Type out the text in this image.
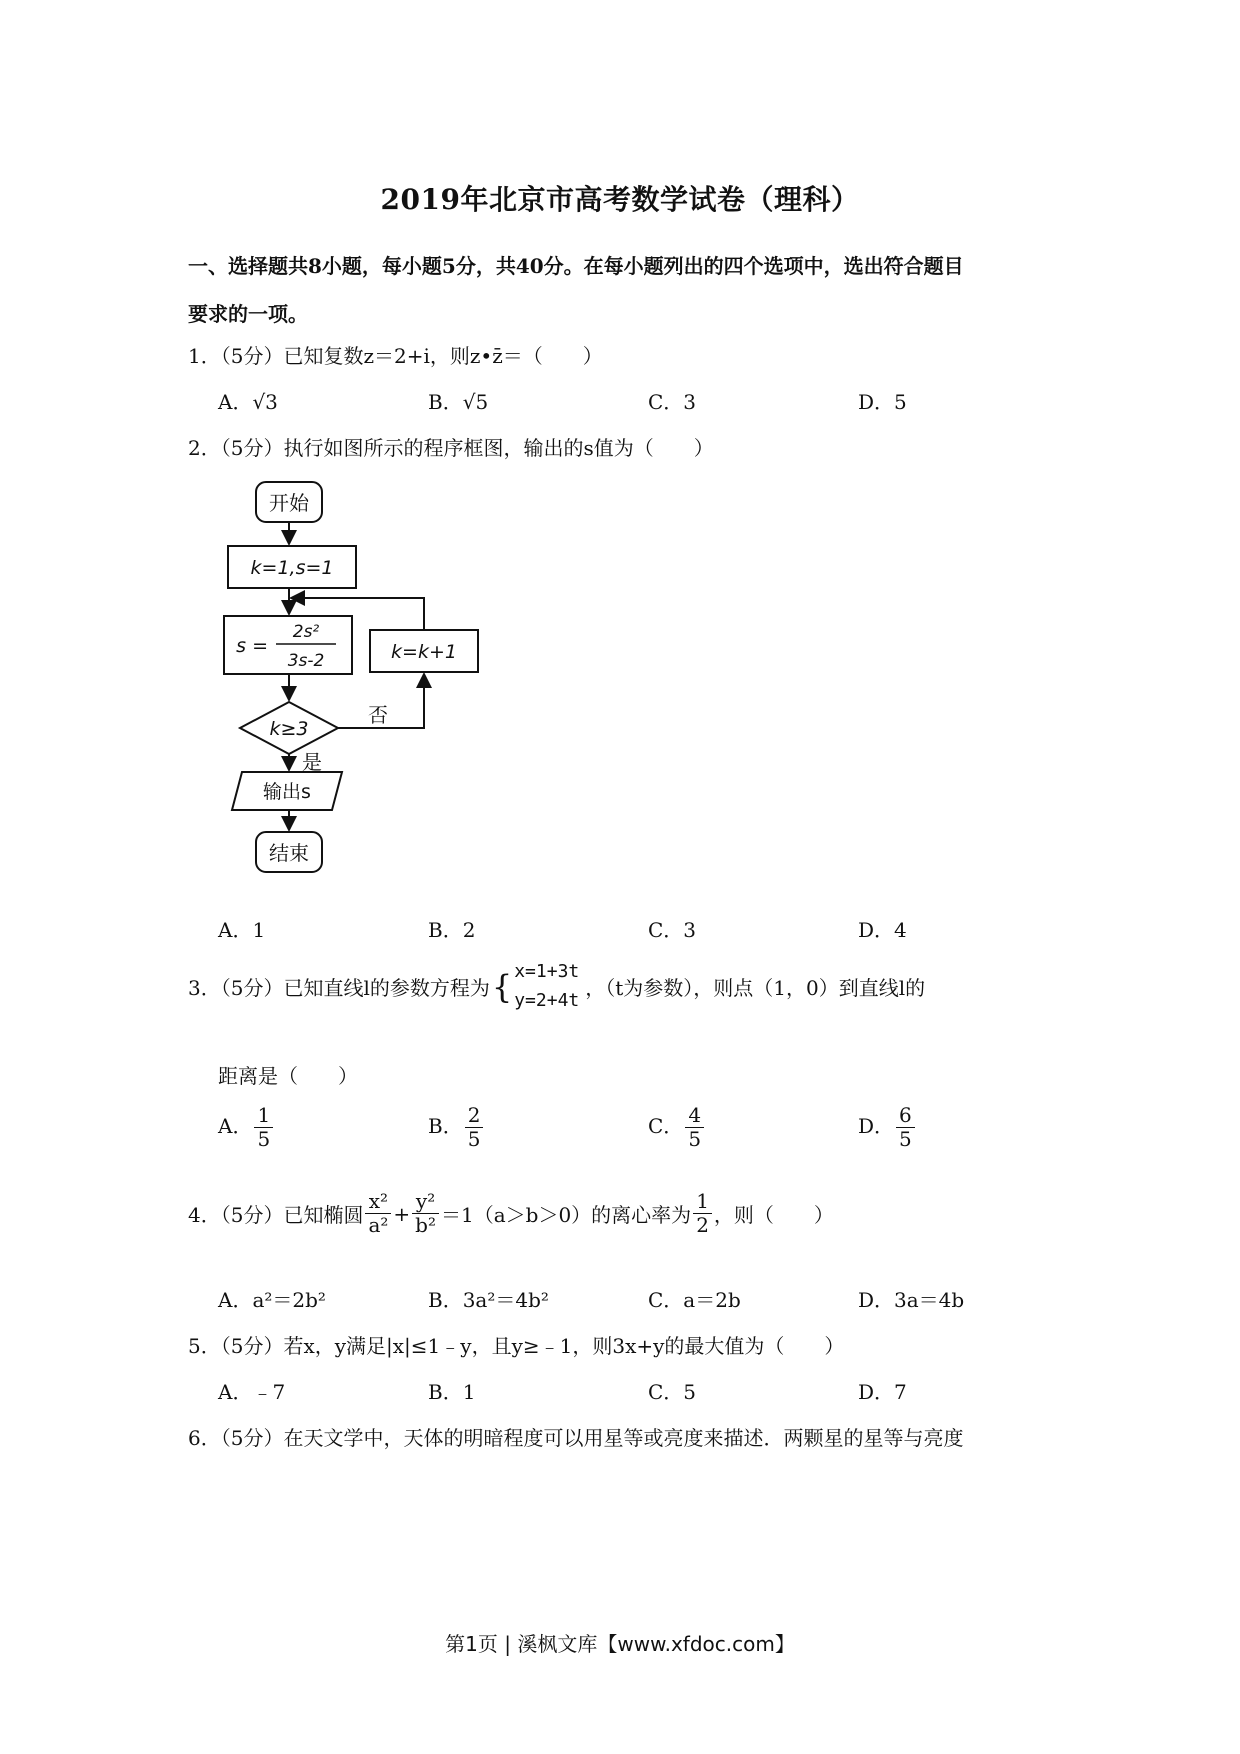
2019年北京市高考数学试卷（理科）
一、选择题共8小题，每小题5分，共40分。在每小题列出的四个选项中，选出符合题目
要求的一项。
1．（5分）已知复数z＝2+i，则z•z̄＝（　　）
A．√3	B．√5	C．3	D．5
2．（5分）执行如图所示的程序框图，输出的s值为（　　）
开始
k=1,s=1
s =
2s²
3s-2	k=k+1
k≥3
否
是
输出s
结束
A．1	B．2	C．3	D．4
3．（5分）已知直线l的参数方程为 { x=1+3t
y=2+4t ，（t为参数），则点（1，0）到直线l的
距离是（　　）
A． $\frac{1}{5}$	B． $\frac{2}{5}$	C． $\frac{4}{5}$	D． $\frac{6}{5}$
4．（5分）已知椭圆 $\frac{\text{x²}}{\text{a²}} + \frac{\text{y²}}{\text{b²}} =1(a>b>0)$的离心率为 $\frac{1}{2}$ ，则（　　）
A．a²＝2b²	B．3a²＝4b²	C．a＝2b	D．3a＝4b
5．（5分）若x，y满足|x|≤1﹣y，且y≥﹣1，则3x+y的最大值为（　　）
A．﹣7	B．1	C．5	D．7
6．（5分）在天文学中，天体的明暗程度可以用星等或亮度来描述．两颗星的星等与亮度
第1页 | 溪枫文库【www.xfdoc.com】
